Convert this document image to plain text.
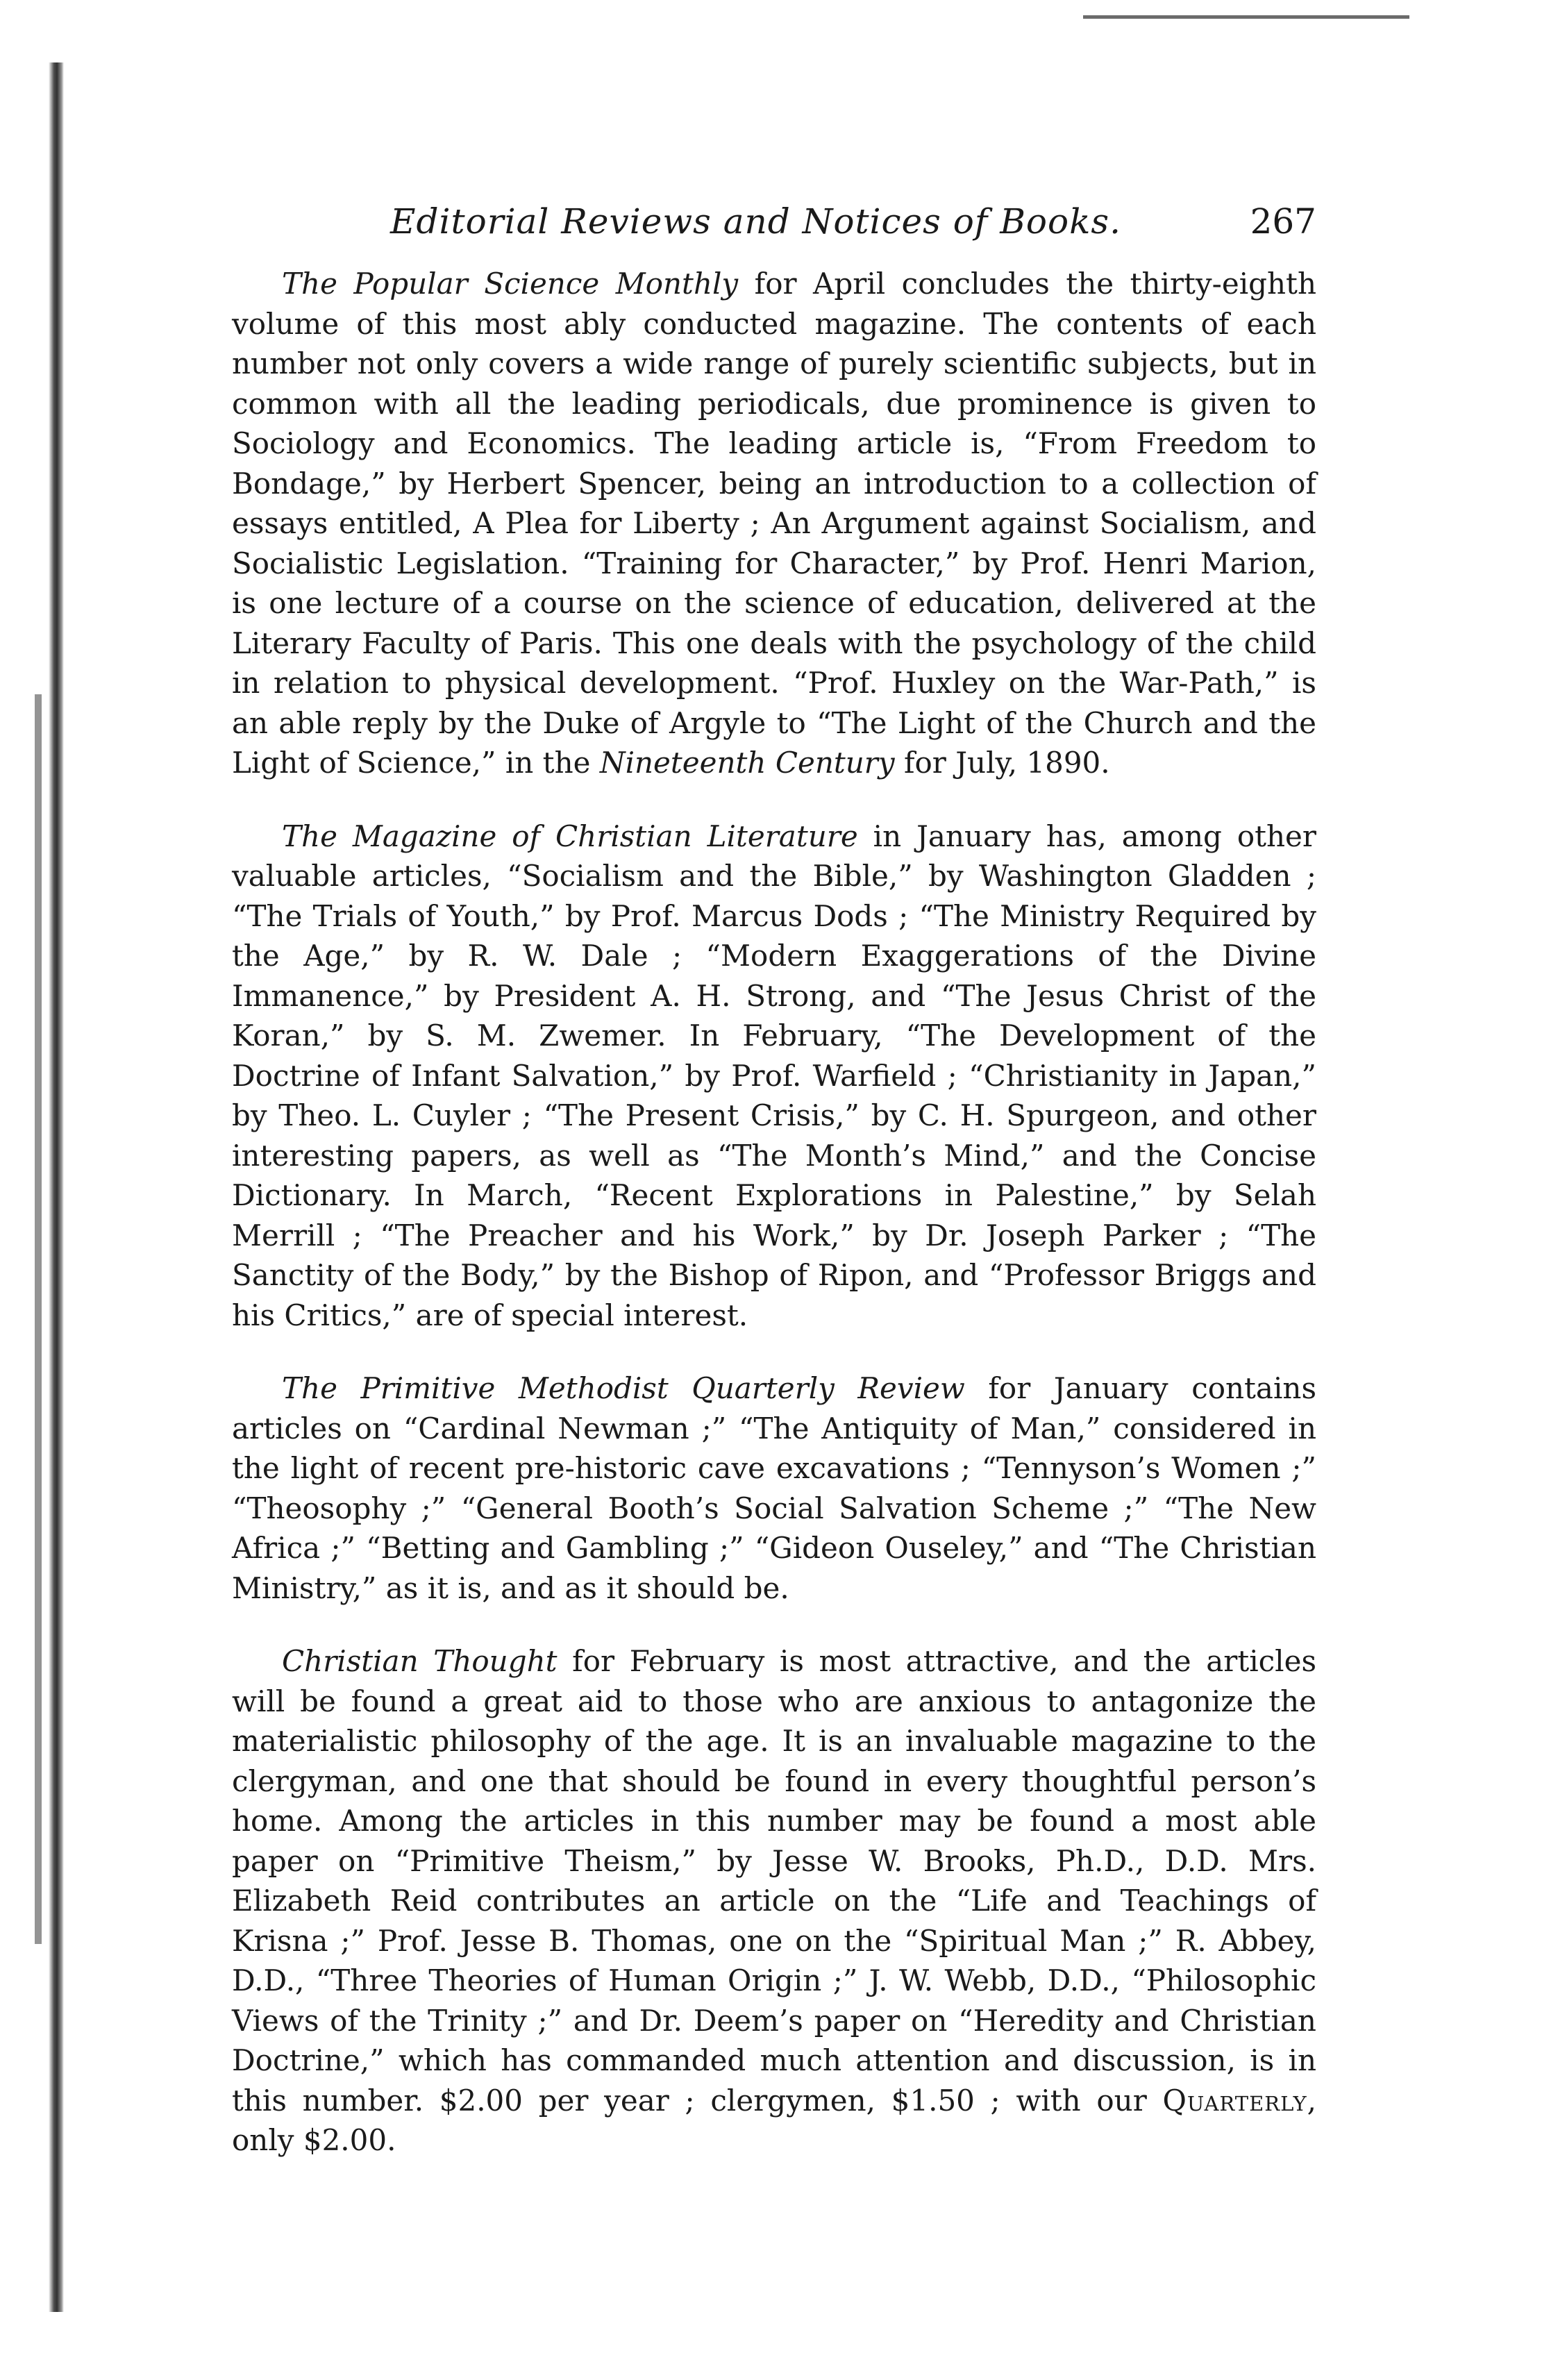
Editorial Reviews and Notices of Books.	267

The Popular Science Monthly for April concludes the thirty-eighth volume of this most ably conducted magazine. The contents of each number not only covers a wide range of purely scientific subjects, but in common with all the leading periodicals, due prominence is given to Sociology and Economics. The leading article is, “From Freedom to Bondage,” by Herbert Spencer, being an introduction to a collection of essays entitled, A Plea for Liberty ; An Argument against Socialism, and Socialistic Legislation. “Training for Character,” by Prof. Henri Marion, is one lecture of a course on the science of education, delivered at the Literary Faculty of Paris. This one deals with the psychology of the child in relation to physical development. “Prof. Huxley on the War-Path,” is an able reply by the Duke of Argyle to “The Light of the Church and the Light of Science,” in the Nineteenth Century for July, 1890.

The Magazine of Christian Literature in January has, among other valuable articles, “Socialism and the Bible,” by Washington Gladden ; “The Trials of Youth,” by Prof. Marcus Dods ; “The Ministry Required by the Age,” by R. W. Dale ; “Modern Exaggerations of the Divine Immanence,” by President A. H. Strong, and “The Jesus Christ of the Koran,” by S. M. Zwemer. In February, “The Development of the Doctrine of Infant Salvation,” by Prof. Warfield ; “Christianity in Japan,” by Theo. L. Cuyler ; “The Present Crisis,” by C. H. Spurgeon, and other interesting papers, as well as “The Month’s Mind,” and the Concise Dictionary. In March, “Recent Explorations in Palestine,” by Selah Merrill ; “The Preacher and his Work,” by Dr. Joseph Parker ; “The Sanctity of the Body,” by the Bishop of Ripon, and “Professor Briggs and his Critics,” are of special interest.

The Primitive Methodist Quarterly Review for January contains articles on “Cardinal Newman ;” “The Antiquity of Man,” considered in the light of recent pre-historic cave excavations ; “Tennyson’s Women ;” “Theosophy ;” “General Booth’s Social Salvation Scheme ;” “The New Africa ;” “Betting and Gambling ;” “Gideon Ouseley,” and “The Christian Ministry,” as it is, and as it should be.

Christian Thought for February is most attractive, and the articles will be found a great aid to those who are anxious to antagonize the materialistic philosophy of the age. It is an invaluable magazine to the clergyman, and one that should be found in every thoughtful person’s home. Among the articles in this number may be found a most able paper on “Primitive Theism,” by Jesse W. Brooks, Ph.D., D.D. Mrs. Elizabeth Reid contributes an article on the “Life and Teachings of Krisna ;” Prof. Jesse B. Thomas, one on the “Spiritual Man ;” R. Abbey, D.D., “Three Theories of Human Origin ;” J. W. Webb, D.D., “Philosophic Views of the Trinity ;” and Dr. Deem’s paper on “Heredity and Christian Doctrine,” which has commanded much attention and discussion, is in this number. $2.00 per year ; clergymen, $1.50 ; with our Quarterly, only $2.00.
